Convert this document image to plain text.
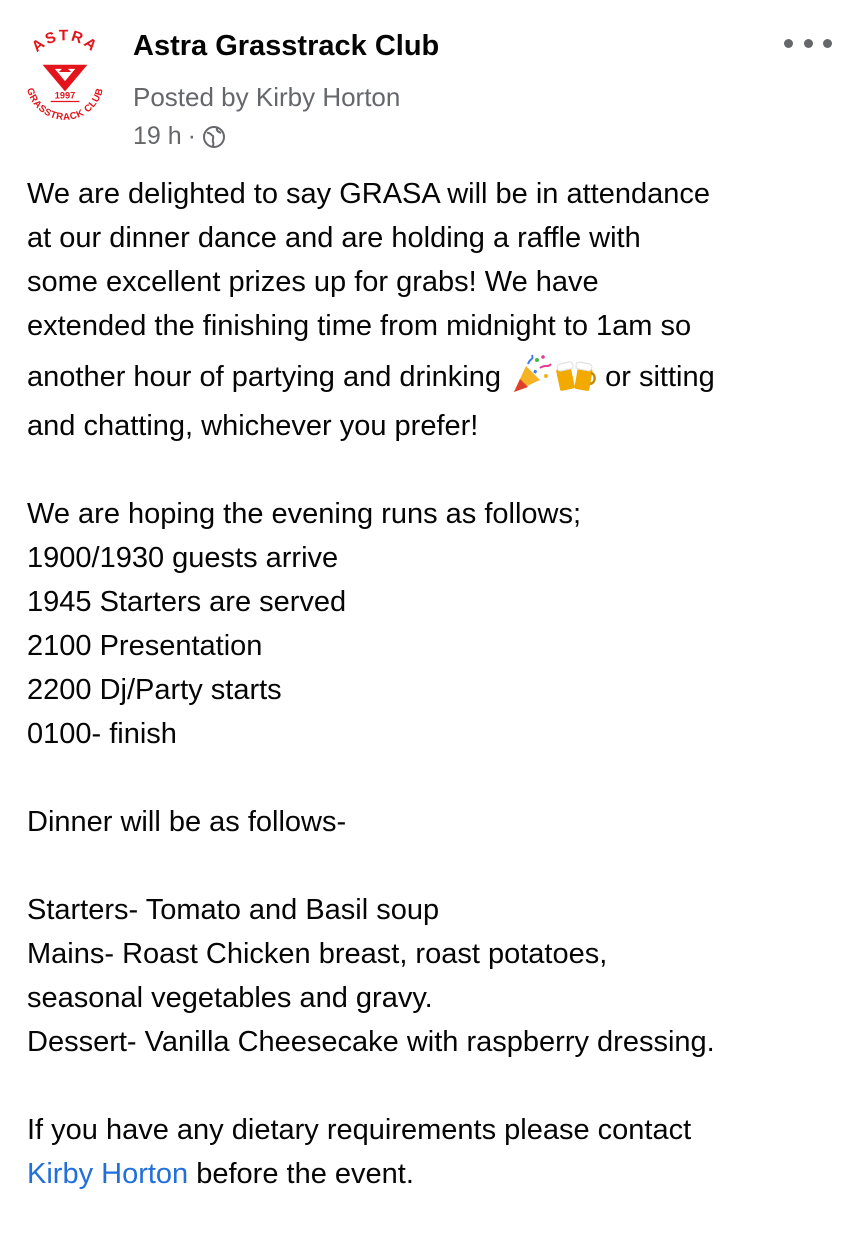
ASTRA
1997
GRASSTRACK CLUB
Astra Grasstrack Club
Posted by Kirby Horton
19 h ·
We are delighted to say GRASA will be in attendance
at our dinner dance and are holding a raffle with
some excellent prizes up for grabs! We have
extended the finishing time from midnight to 1am so
another hour of partying and drinking	or sitting
and chatting, whichever you prefer!
We are hoping the evening runs as follows;
1900/1930 guests arrive
1945 Starters are served
2100 Presentation
2200 Dj/Party starts
0100- finish
Dinner will be as follows-
Starters- Tomato and Basil soup
Mains- Roast Chicken breast, roast potatoes,
seasonal vegetables and gravy.
Dessert- Vanilla Cheesecake with raspberry dressing.
If you have any dietary requirements please contact
Kirby Horton before the event.
